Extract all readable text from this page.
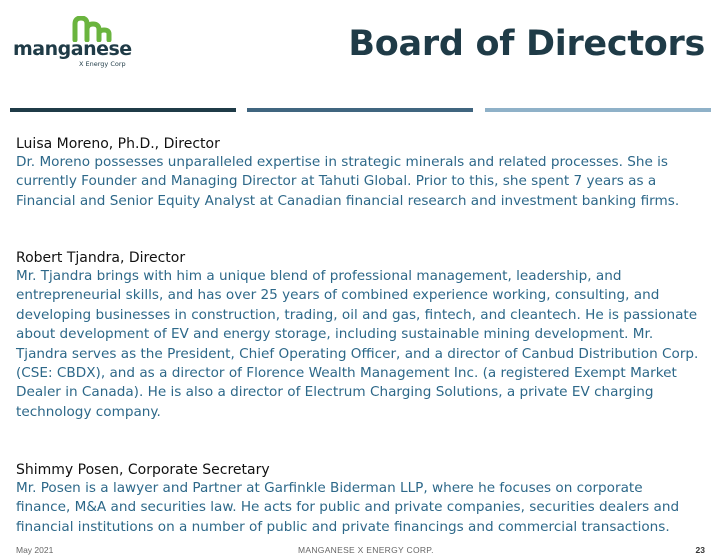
manganese
X Energy Corp	Board of Directors
Luisa Moreno, Ph.D., Director
Dr. Moreno possesses unparalleled expertise in strategic minerals and related processes. She is
currently Founder and Managing Director at Tahuti Global. Prior to this, she spent 7 years as a
Financial and Senior Equity Analyst at Canadian financial research and investment banking firms.
Robert Tjandra, Director
Mr. Tjandra brings with him a unique blend of professional management, leadership, and
entrepreneurial skills, and has over 25 years of combined experience working, consulting, and
developing businesses in construction, trading, oil and gas, fintech, and cleantech. He is passionate
about development of EV and energy storage, including sustainable mining development. Mr.
Tjandra serves as the President, Chief Operating Officer, and a director of Canbud Distribution Corp.
(CSE: CBDX), and as a director of Florence Wealth Management Inc. (a registered Exempt Market
Dealer in Canada). He is also a director of Electrum Charging Solutions, a private EV charging
technology company.
Shimmy Posen, Corporate Secretary
Mr. Posen is a lawyer and Partner at Garfinkle Biderman LLP, where he focuses on corporate
finance, M&A and securities law. He acts for public and private companies, securities dealers and
financial institutions on a number of public and private financings and commercial transactions.
May 2021	MANGANESE X ENERGY CORP.	23
